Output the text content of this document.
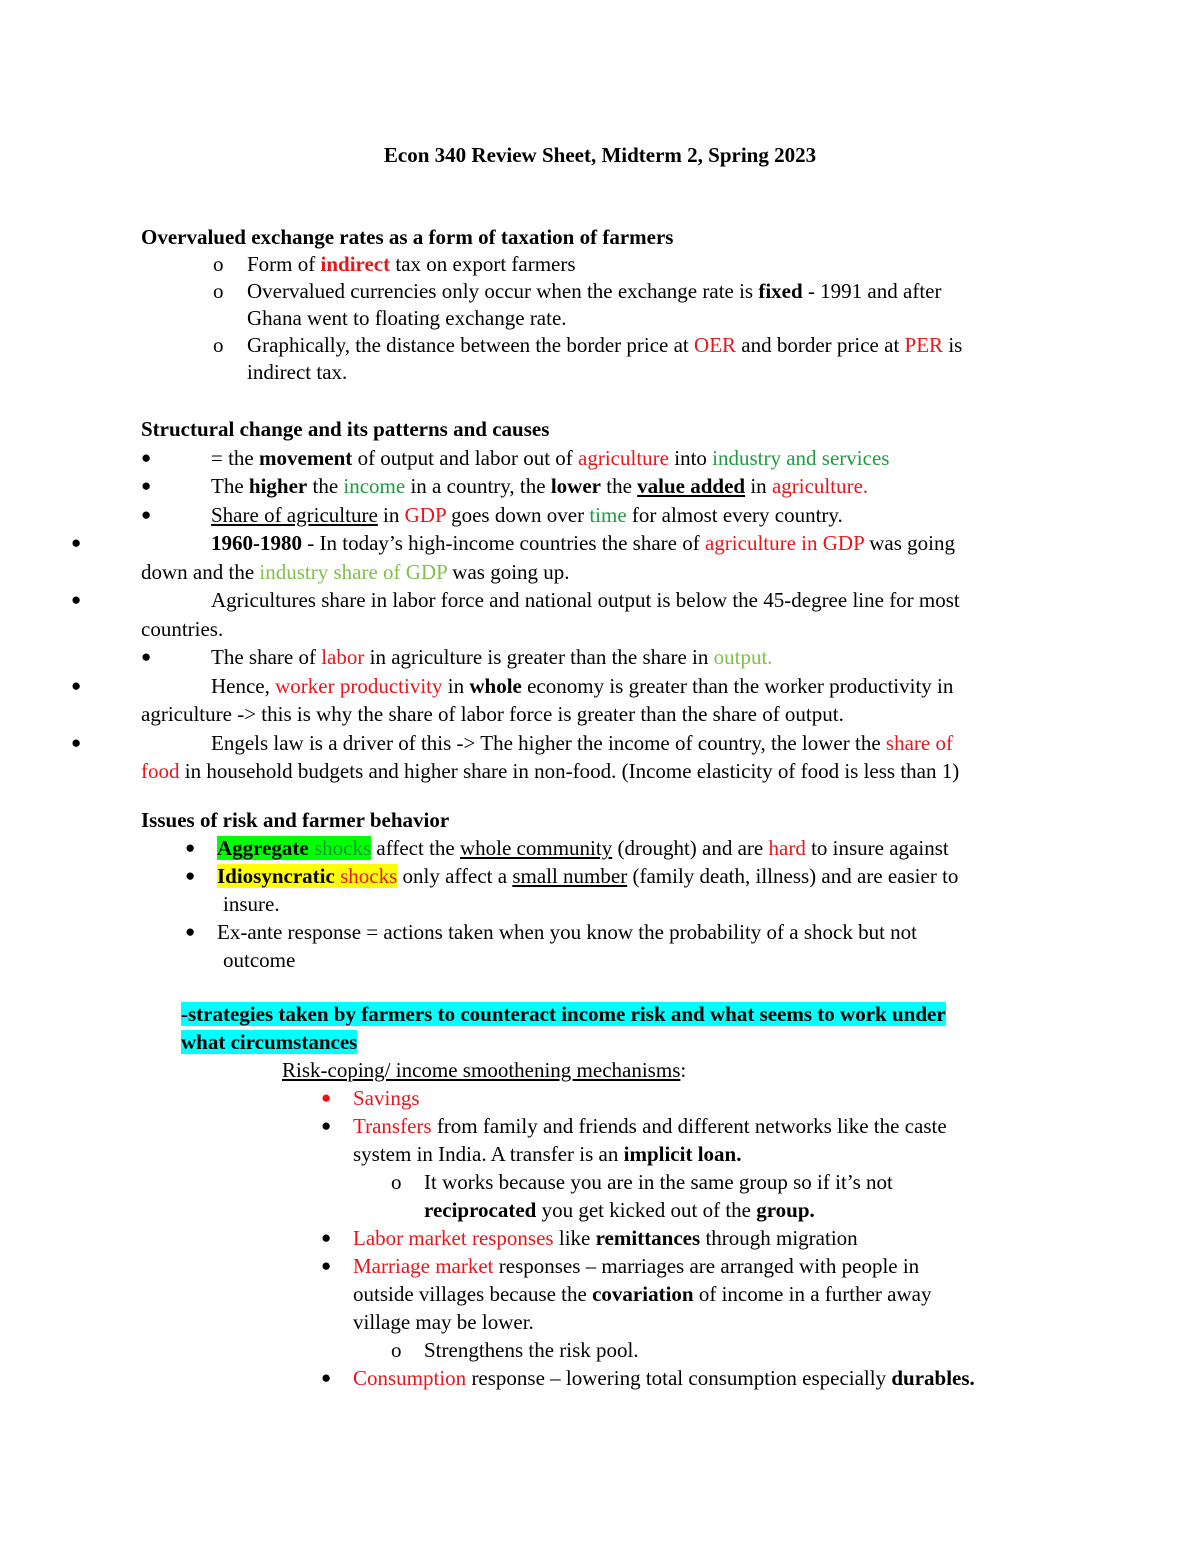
Econ 340 Review Sheet, Midterm 2, Spring 2023
Overvalued exchange rates as a form of taxation of farmers
o Form of indirect tax on export farmers
o Overvalued currencies only occur when the exchange rate is fixed - 1991 and after
Ghana went to floating exchange rate.
o Graphically, the distance between the border price at OER and border price at PER is
indirect tax.
Structural change and its patterns and causes
●	= the movement of output and labor out of agriculture into industry and services
●	The higher the income in a country, the lower the value added in agriculture.
●	Share of agriculture in GDP goes down over time for almost every country.
●	1960-1980 - In today’s high-income countries the share of agriculture in GDP was going
down and the industry share of GDP was going up.
●	Agricultures share in labor force and national output is below the 45-degree line for most
countries.
●	The share of labor in agriculture is greater than the share in output.
●	Hence, worker productivity in whole economy is greater than the worker productivity in
agriculture -> this is why the share of labor force is greater than the share of output.
●	Engels law is a driver of this -> The higher the income of country, the lower the share of
food in household budgets and higher share in non-food. (Income elasticity of food is less than 1)
Issues of risk and farmer behavior
● Aggregate shocks affect the whole community (drought) and are hard to insure against
● Idiosyncratic shocks only affect a small number (family death, illness) and are easier to
insure.
● Ex-ante response = actions taken when you know the probability of a shock but not
outcome
-strategies taken by farmers to counteract income risk and what seems to work under
what circumstances
Risk-coping/ income smoothening mechanisms:
● Savings
● Transfers from family and friends and different networks like the caste
system in India. A transfer is an implicit loan.
o It works because you are in the same group so if it’s not
reciprocated you get kicked out of the group.
● Labor market responses like remittances through migration
● Marriage market responses – marriages are arranged with people in
outside villages because the covariation of income in a further away
village may be lower.
o Strengthens the risk pool.
● Consumption response – lowering total consumption especially durables.
